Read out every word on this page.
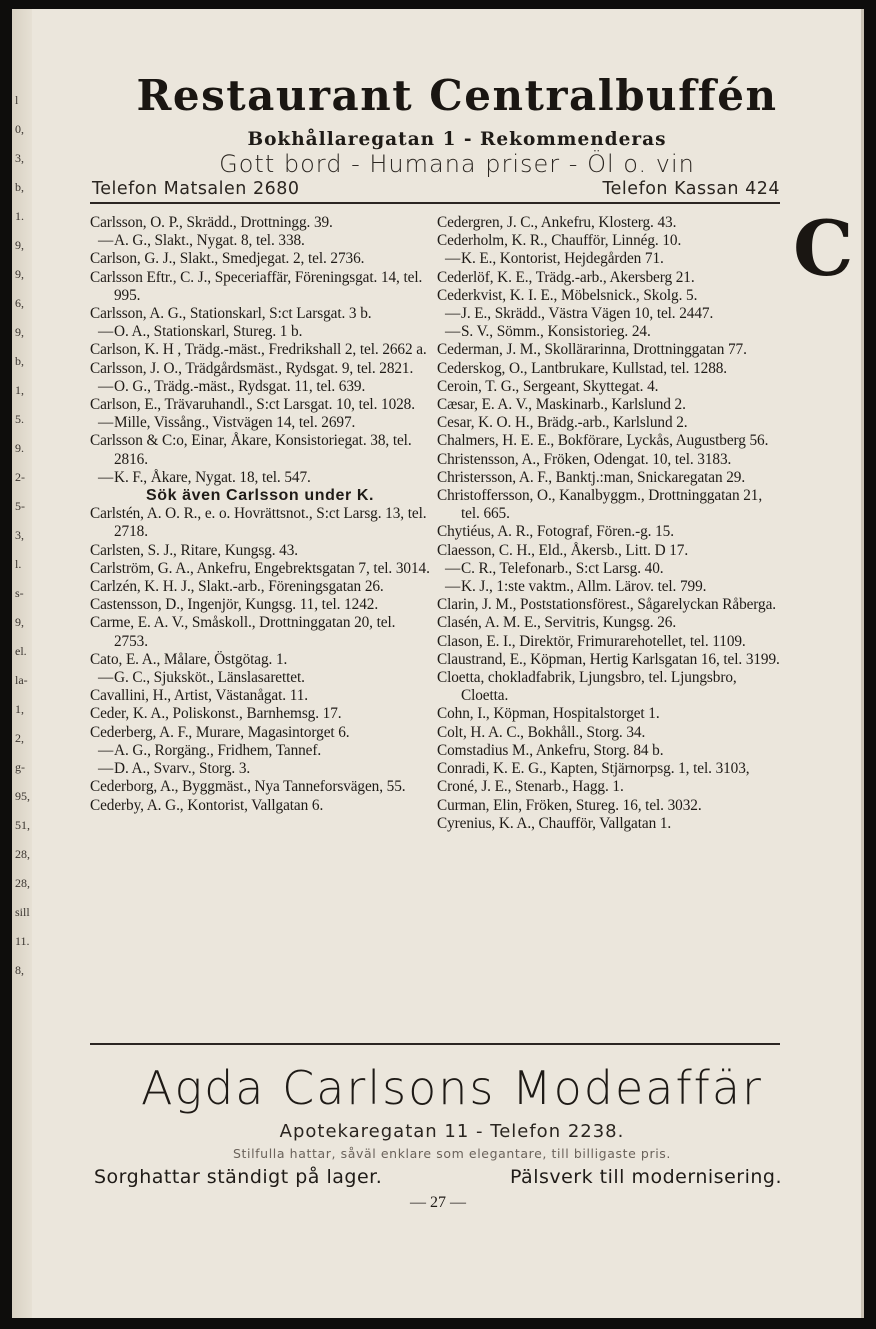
l
0,
3,
b,
1.
9,
9,
6,
9,
b,
1,
5.
9.
2-
5-
3,
l.
s-
9,
el.
la-
1,
2,
g-
95,
51,
28,
28,
sill
11.
8,
Restaurant Centralbuffén
Bokhållaregatan 1 - Rekommenderas
Gott bord - Humana priser - Öl o. vin
Telefon Matsalen 2680	Telefon Kassan 424

Carlsson, O. P., Skrädd., Drottningg. 39.

—A. G., Slakt., Nygat. 8, tel. 338.

Carlson, G. J., Slakt., Smedjegat. 2, tel. 2736.

Carlsson Eftr., C. J., Speceriaffär, Föreningsgat. 14, tel. 995.

Carlsson, A. G., Stationskarl, S:ct Larsgat. 3 b.

—O. A., Stationskarl, Stureg. 1 b.

Carlson, K. H , Trädg.-mäst., Fredrikshall 2, tel. 2662 a.

Carlsson, J. O., Trädgårdsmäst., Rydsgat. 9, tel. 2821.

—O. G., Trädg.-mäst., Rydsgat. 11, tel. 639.

Carlson, E., Trävaruhandl., S:ct Larsgat. 10, tel. 1028.

—Mille, Vissång., Vistvägen 14, tel. 2697.

Carlsson & C:o, Einar, Åkare, Konsistoriegat. 38, tel. 2816.

—K. F., Åkare, Nygat. 18, tel. 547.

Sök även Carlsson under K.

Carlstén, A. O. R., e. o. Hovrättsnot., S:ct Larsg. 13, tel. 2718.

Carlsten, S. J., Ritare, Kungsg. 43.

Carlström, G. A., Ankefru, Engebrektsgatan 7, tel. 3014.

Carlzén, K. H. J., Slakt.-arb., Föreningsgatan 26.

Castensson, D., Ingenjör, Kungsg. 11, tel. 1242.

Carme, E. A. V., Småskoll., Drottninggatan 20, tel. 2753.

Cato, E. A., Målare, Östgötag. 1.

—G. C., Sjuksköt., Länslasarettet.

Cavallini, H., Artist, Västanågat. 11.

Ceder, K. A., Poliskonst., Barnhemsg. 17.

Cederberg, A. F., Murare, Magasintorget 6.

—A. G., Rorgäng., Fridhem, Tannef.

—D. A., Svarv., Storg. 3.

Cederborg, A., Byggmäst., Nya Tanneforsvägen, 55.

Cederby, A. G., Kontorist, Vallgatan 6.

Cedergren, J. C., Ankefru, Klosterg. 43.

Cederholm, K. R., Chaufför, Linnég. 10.

—K. E., Kontorist, Hejdegården 71.

Cederlöf, K. E., Trädg.-arb., Akersberg 21.

Cederkvist, K. I. E., Möbelsnick., Skolg. 5.

—J. E., Skrädd., Västra Vägen 10, tel. 2447.

—S. V., Sömm., Konsistorieg. 24.

Cederman, J. M., Skollärarinna, Drottninggatan 77.

Cederskog, O., Lantbrukare, Kullstad, tel. 1288.

Ceroin, T. G., Sergeant, Skyttegat. 4.

Cæsar, E. A. V., Maskinarb., Karlslund 2.

Cesar, K. O. H., Brädg.-arb., Karlslund 2.

Chalmers, H. E. E., Bokförare, Lyckås, Augustberg 56.

Christensson, A., Fröken, Odengat. 10, tel. 3183.

Christersson, A. F., Banktj.:man, Snickaregatan 29.

Christoffersson, O., Kanalbyggm., Drottninggatan 21, tel. 665.

Chytiéus, A. R., Fotograf, Fören.-g. 15.

Claesson, C. H., Eld., Åkersb., Litt. D 17.

—C. R., Telefonarb., S:ct Larsg. 40.

—K. J., 1:ste vaktm., Allm. Lärov. tel. 799.

Clarin, J. M., Poststationsförest., Sågarelyckan Råberga.

Clasén, A. M. E., Servitris, Kungsg. 26.

Clason, E. I., Direktör, Frimurarehotellet, tel. 1109.

Claustrand, E., Köpman, Hertig Karlsgatan 16, tel. 3199.

Cloetta, chokladfabrik, Ljungsbro, tel. Ljungsbro, Cloetta.

Cohn, I., Köpman, Hospitalstorget 1.

Colt, H. A. C., Bokhåll., Storg. 34.

Comstadius M., Ankefru, Storg. 84 b.

Conradi, K. E. G., Kapten, Stjärnorpsg. 1, tel. 3103,

Croné, J. E., Stenarb., Hagg. 1.

Curman, Elin, Fröken, Stureg. 16, tel. 3032.

Cyrenius, K. A., Chaufför, Vallgatan 1.

C
Agda Carlsons Modeaffär
Apotekaregatan 11 - Telefon 2238.
Stilfulla hattar, såväl enklare som elegantare, till billigaste pris.
Sorghattar ständigt på lager.	Pälsverk till modernisering.
— 27 —
